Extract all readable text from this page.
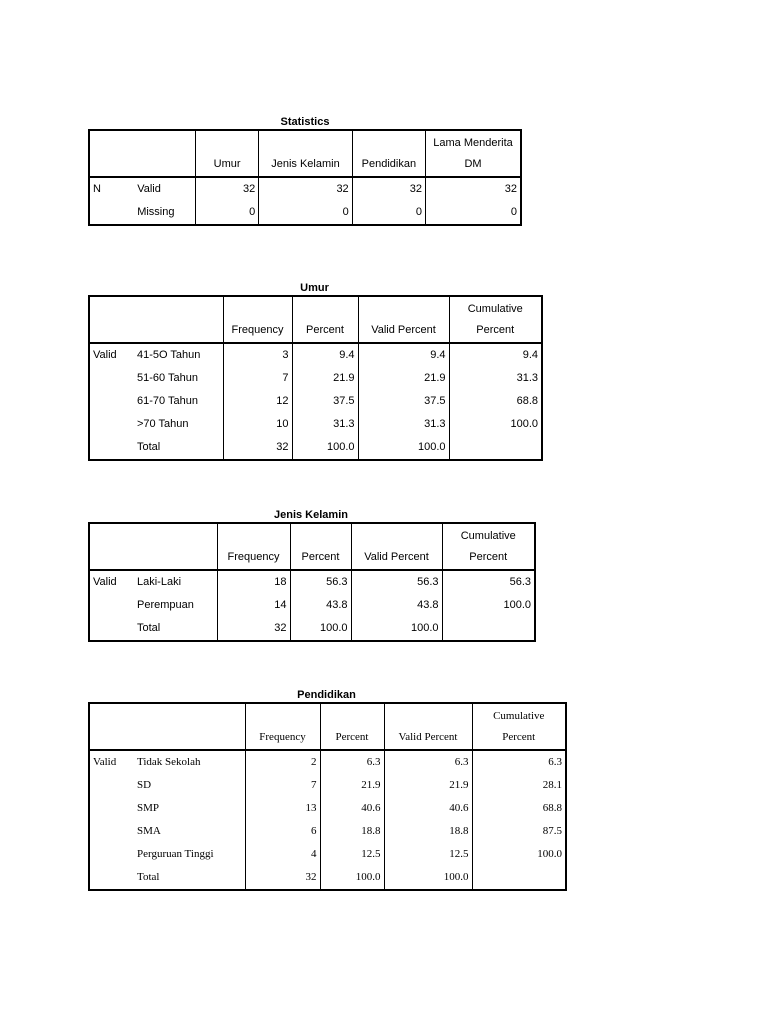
Statistics
		Umur	Jenis Kelamin	Pendidikan	Lama Menderita DM
N	Valid	32	32	32	32
	Missing	0	0	0	0
Umur
		Frequency	Percent	Valid Percent	Cumulative Percent
Valid	41-5O Tahun	3	9.4	9.4	9.4
	51-60 Tahun	7	21.9	21.9	31.3
	61-70 Tahun	12	37.5	37.5	68.8
	>70 Tahun	10	31.3	31.3	100.0
	Total	32	100.0	100.0	
Jenis Kelamin
		Frequency	Percent	Valid Percent	Cumulative Percent
Valid	Laki-Laki	18	56.3	56.3	56.3
	Perempuan	14	43.8	43.8	100.0
	Total	32	100.0	100.0	
Pendidikan
		Frequency	Percent	Valid Percent	Cumulative Percent
Valid	Tidak Sekolah	2	6.3	6.3	6.3
	SD	7	21.9	21.9	28.1
	SMP	13	40.6	40.6	68.8
	SMA	6	18.8	18.8	87.5
	Perguruan Tinggi	4	12.5	12.5	100.0
	Total	32	100.0	100.0	
